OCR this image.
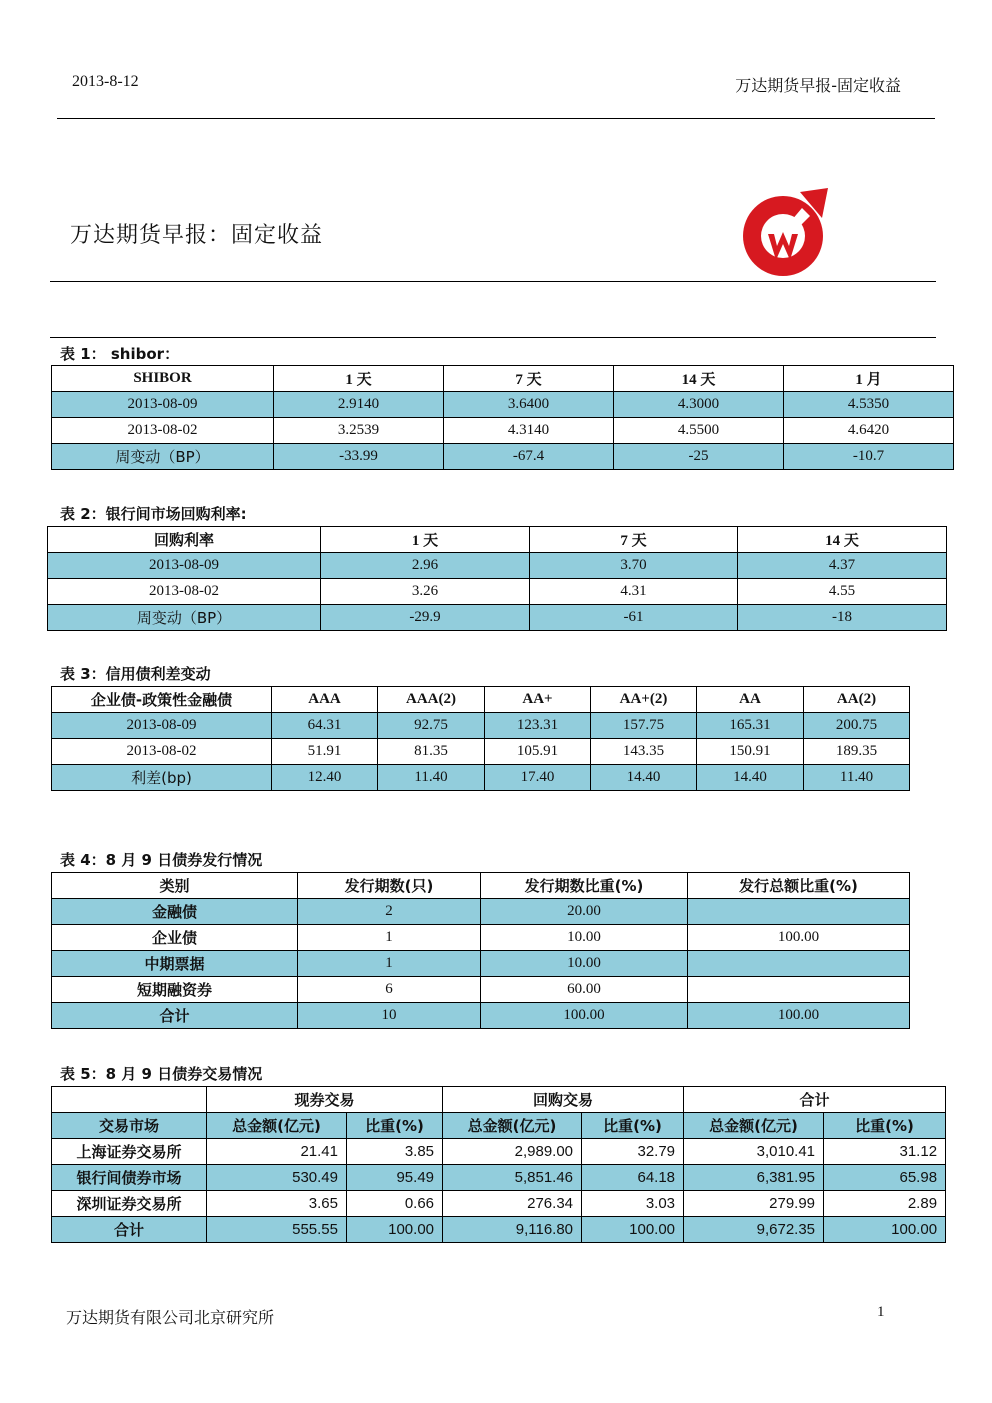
2013-8-12	万达期货早报-固定收益
万达期货早报：固定收益
表 1： shibor：
SHIBOR	1 天	7 天	14 天	1 月
2013-08-09	2.9140	3.6400	4.3000	4.5350
2013-08-02	3.2539	4.3140	4.5500	4.6420
周变动（BP）	-33.99	-67.4	-25	-10.7
表 2：银行间市场回购利率:
回购利率	1 天	7 天	14 天
2013-08-09	2.96	3.70	4.37
2013-08-02	3.26	4.31	4.55
周变动（BP）	-29.9	-61	-18
表 3：信用债利差变动
企业债-政策性金融债	AAA	AAA(2)	AA+	AA+(2)	AA	AA(2)
2013-08-09	64.31	92.75	123.31	157.75	165.31	200.75
2013-08-02	51.91	81.35	105.91	143.35	150.91	189.35
利差(bp)	12.40	11.40	17.40	14.40	14.40	11.40
表 4：8 月 9 日债券发行情况
类别	发行期数(只)	发行期数比重(%)	发行总额比重(%)
金融债	2	20.00	
企业债	1	10.00	100.00
中期票据	1	10.00	
短期融资券	6	60.00	
合计	10	100.00	100.00
表 5：8 月 9 日债券交易情况
	现券交易		回购交易		合计	
交易市场	总金额(亿元)	比重(%)	总金额(亿元)	比重(%)	总金额(亿元)	比重(%)
上海证券交易所	21.41	3.85	2,989.00	32.79	3,010.41	31.12
银行间债券市场	530.49	95.49	5,851.46	64.18	6,381.95	65.98
深圳证券交易所	3.65	0.66	276.34	3.03	279.99	2.89
合计	555.55	100.00	9,116.80	100.00	9,672.35	100.00
万达期货有限公司北京研究所	1
